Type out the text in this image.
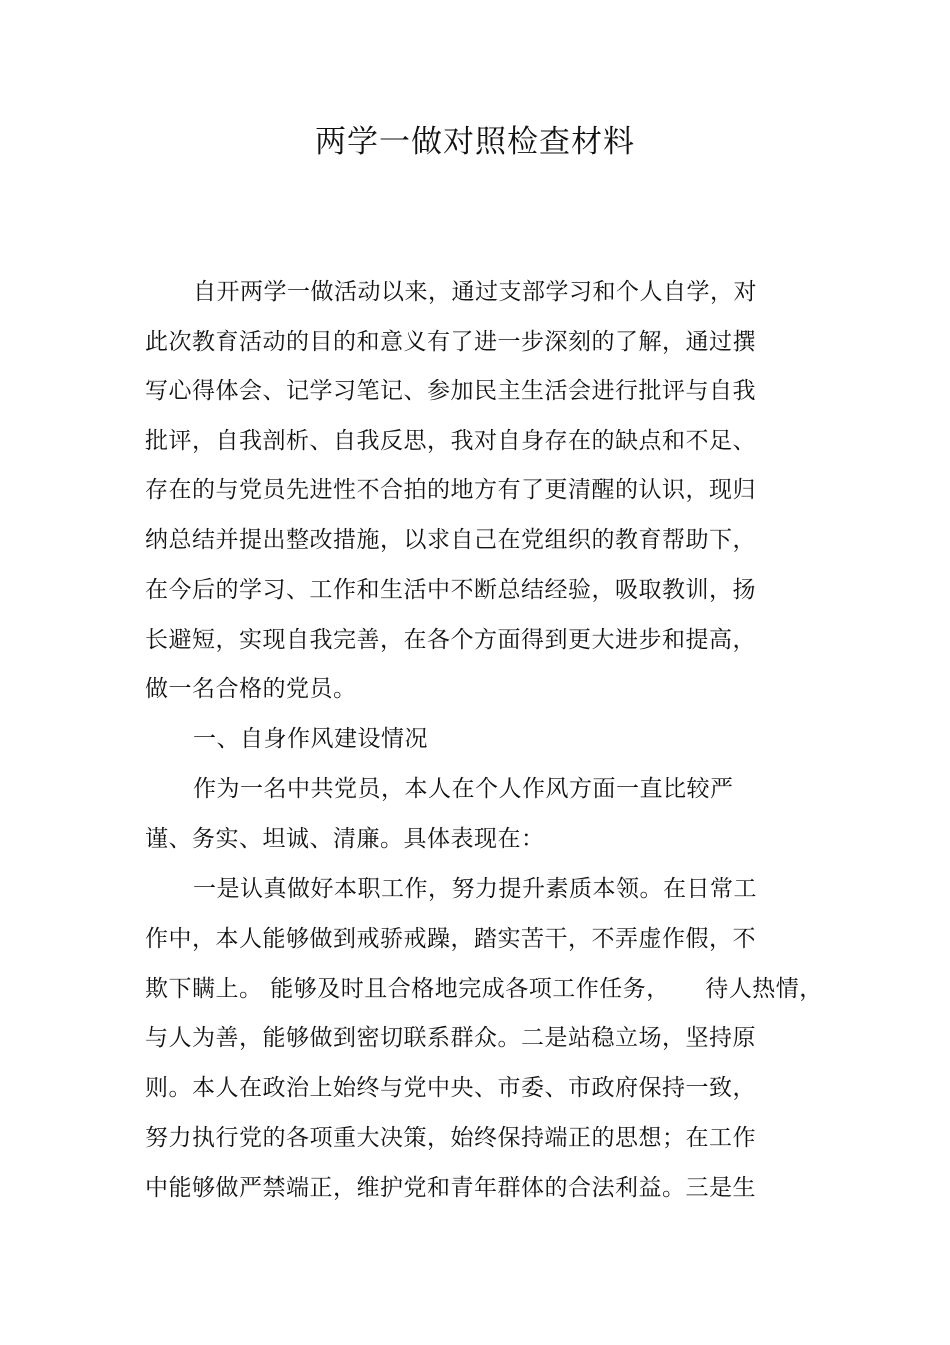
两学一做对照检查材料
自开两学一做活动以来，通过支部学习和个人自学，对
此次教育活动的目的和意义有了进一步深刻的了解，通过撰
写心得体会、记学习笔记、参加民主生活会进行批评与自我
批评，自我剖析、自我反思，我对自身存在的缺点和不足、
存在的与党员先进性不合拍的地方有了更清醒的认识，现归
纳总结并提出整改措施，以求自己在党组织的教育帮助下，
在今后的学习、工作和生活中不断总结经验，吸取教训，扬
长避短，实现自我完善，在各个方面得到更大进步和提高，
做一名合格的党员。
一、自身作风建设情况
作为一名中共党员，本人在个人作风方面一直比较严
谨、务实、坦诚、清廉。具体表现在：
一是认真做好本职工作，努力提升素质本领。在日常工
作中，本人能够做到戒骄戒躁，踏实苦干，不弄虚作假，不
欺下瞒上。 能够及时且合格地完成各项工作任务，　　待人热情，
与人为善，能够做到密切联系群众。二是站稳立场，坚持原
则。本人在政治上始终与党中央、市委、市政府保持一致，
努力执行党的各项重大决策，始终保持端正的思想；在工作
中能够做严禁端正，维护党和青年群体的合法利益。三是生
